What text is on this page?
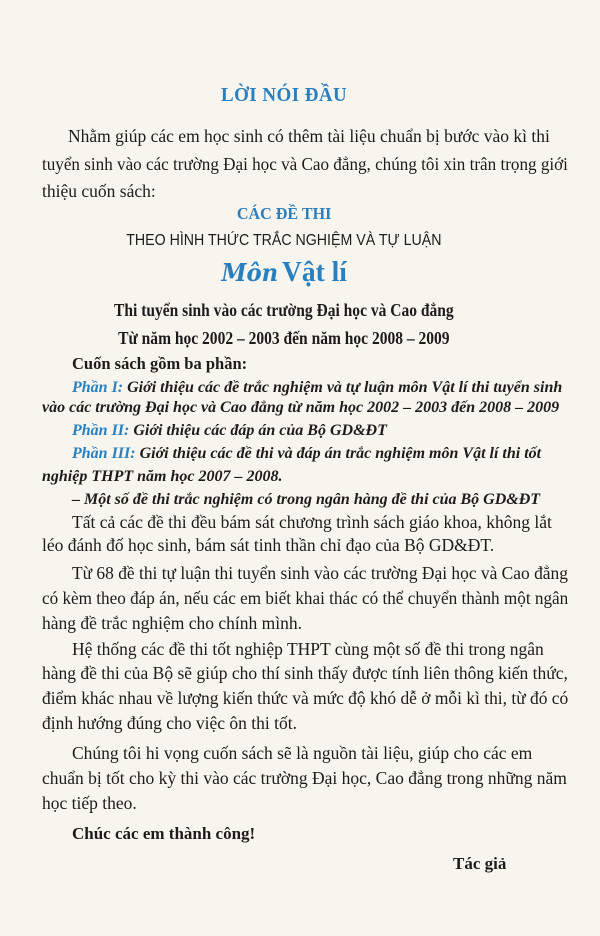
LỜI NÓI ĐẦU
Nhằm giúp các em học sinh có thêm tài liệu chuẩn bị bước vào kì thi
tuyển sinh vào các trường Đại học và Cao đẳng, chúng tôi xin trân trọng giới
thiệu cuốn sách:
CÁC ĐỀ THI
THEO HÌNH THỨC TRẮC NGHIỆM VÀ TỰ LUẬN
Môn Vật lí
Thi tuyển sinh vào các trường Đại học và Cao đẳng
Từ năm học 2002 – 2003 đến năm học 2008 – 2009
Cuốn sách gồm ba phần:
Phần I: Giới thiệu các đề trắc nghiệm và tự luận môn Vật lí thi tuyển sinh
vào các trường Đại học và Cao đẳng từ năm học 2002 – 2003 đến 2008 – 2009
Phần II: Giới thiệu các đáp án của Bộ GD&ĐT
Phần III: Giới thiệu các đề thi và đáp án trắc nghiệm môn Vật lí thi tốt
nghiệp THPT năm học 2007 – 2008.
– Một số đề thi trắc nghiệm có trong ngân hàng đề thi của Bộ GD&ĐT
Tất cả các đề thi đều bám sát chương trình sách giáo khoa, không lắt
léo đánh đố học sinh, bám sát tinh thần chỉ đạo của Bộ GD&ĐT.
Từ 68 đề thi tự luận thi tuyển sinh vào các trường Đại học và Cao đẳng
có kèm theo đáp án, nếu các em biết khai thác có thể chuyển thành một ngân
hàng đề trắc nghiệm cho chính mình.
Hệ thống các đề thi tốt nghiệp THPT cùng một số đề thi trong ngân
hàng đề thi của Bộ sẽ giúp cho thí sinh thấy được tính liên thông kiến thức,
điểm khác nhau về lượng kiến thức và mức độ khó dễ ở mỗi kì thi, từ đó có
định hướng đúng cho việc ôn thi tốt.
Chúng tôi hi vọng cuốn sách sẽ là nguồn tài liệu, giúp cho các em
chuẩn bị tốt cho kỳ thi vào các trường Đại học, Cao đẳng trong những năm
học tiếp theo.
Chúc các em thành công!
Tác giả
